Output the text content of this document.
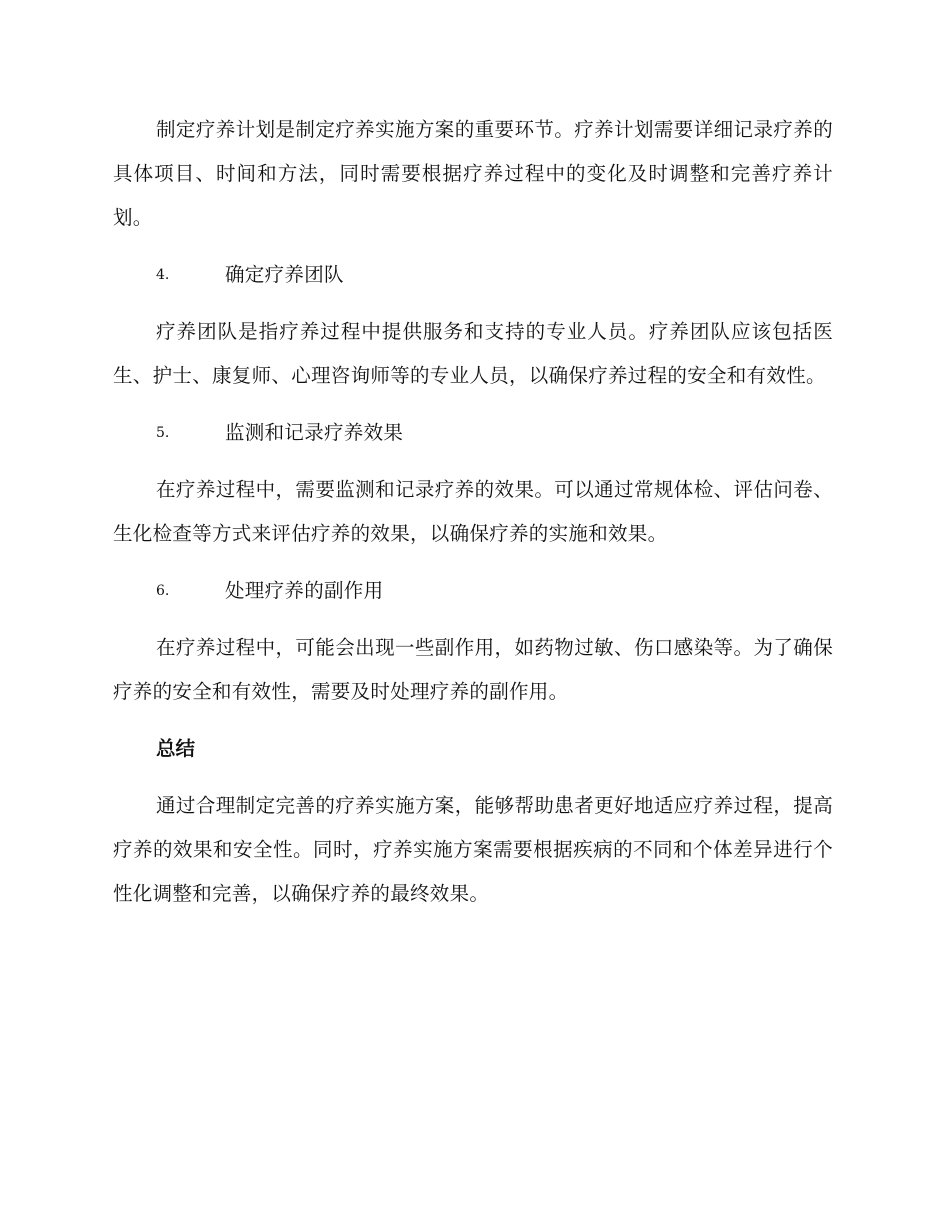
制定疗养计划是制定疗养实施方案的重要环节。疗养计划需要详细记录疗养的具体项目、时间和方法，同时需要根据疗养过程中的变化及时调整和完善疗养计划。

4.	确定疗养团队

疗养团队是指疗养过程中提供服务和支持的专业人员。疗养团队应该包括医生、护士、康复师、心理咨询师等的专业人员，以确保疗养过程的安全和有效性。

5.	监测和记录疗养效果

在疗养过程中，需要监测和记录疗养的效果。可以通过常规体检、评估问卷、生化检查等方式来评估疗养的效果，以确保疗养的实施和效果。

6.	处理疗养的副作用

在疗养过程中，可能会出现一些副作用，如药物过敏、伤口感染等。为了确保疗养的安全和有效性，需要及时处理疗养的副作用。

总结

通过合理制定完善的疗养实施方案，能够帮助患者更好地适应疗养过程，提高疗养的效果和安全性。同时，疗养实施方案需要根据疾病的不同和个体差异进行个性化调整和完善，以确保疗养的最终效果。
